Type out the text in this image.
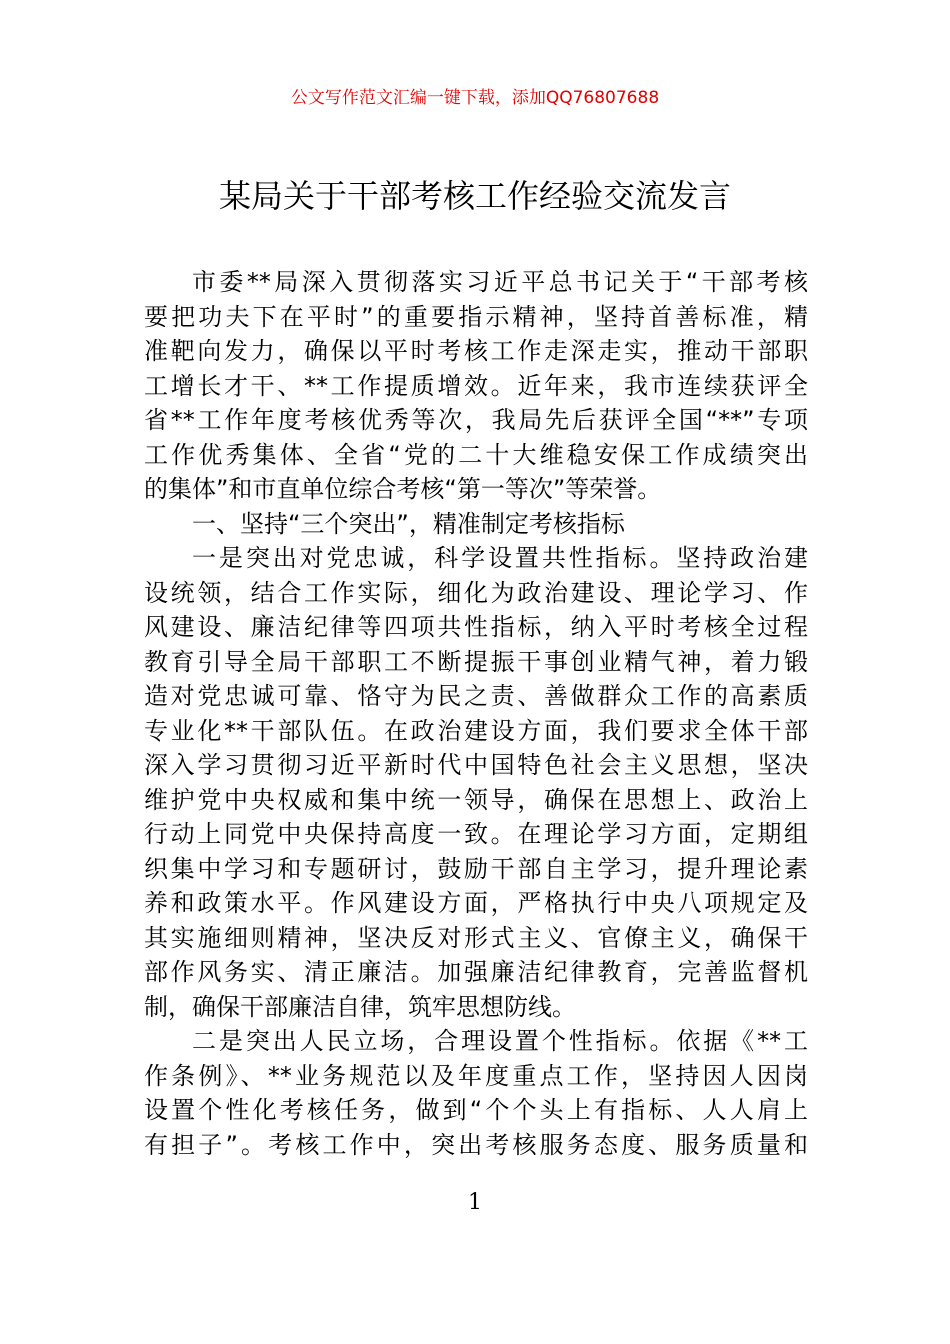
公文写作范文汇编一键下载，添加QQ76807688
某局关于干部考核工作经验交流发言
市委**局深入贯彻落实习近平总书记关于“干部考核
要把功夫下在平时”的重要指示精神，坚持首善标准，精
准靶向发力，确保以平时考核工作走深走实，推动干部职
工增长才干、**工作提质增效。近年来，我市连续获评全
省**工作年度考核优秀等次，我局先后获评全国“**”专项
工作优秀集体、全省“党的二十大维稳安保工作成绩突出
的集体”和市直单位综合考核“第一等次”等荣誉。
一、坚持“三个突出”，精准制定考核指标
一是突出对党忠诚，科学设置共性指标。坚持政治建
设统领，结合工作实际，细化为政治建设、理论学习、作
风建设、廉洁纪律等四项共性指标，纳入平时考核全过程
教育引导全局干部职工不断提振干事创业精气神，着力锻
造对党忠诚可靠、恪守为民之责、善做群众工作的高素质
专业化**干部队伍。在政治建设方面，我们要求全体干部
深入学习贯彻习近平新时代中国特色社会主义思想，坚决
维护党中央权威和集中统一领导，确保在思想上、政治上
行动上同党中央保持高度一致。在理论学习方面，定期组
织集中学习和专题研讨，鼓励干部自主学习，提升理论素
养和政策水平。作风建设方面，严格执行中央八项规定及
其实施细则精神，坚决反对形式主义、官僚主义，确保干
部作风务实、清正廉洁。加强廉洁纪律教育，完善监督机
制，确保干部廉洁自律，筑牢思想防线。
二是突出人民立场，合理设置个性指标。依据《**工
作条例》、**业务规范以及年度重点工作，坚持因人因岗
设置个性化考核任务，做到“个个头上有指标、人人肩上
有担子”。考核工作中，突出考核服务态度、服务质量和
1
